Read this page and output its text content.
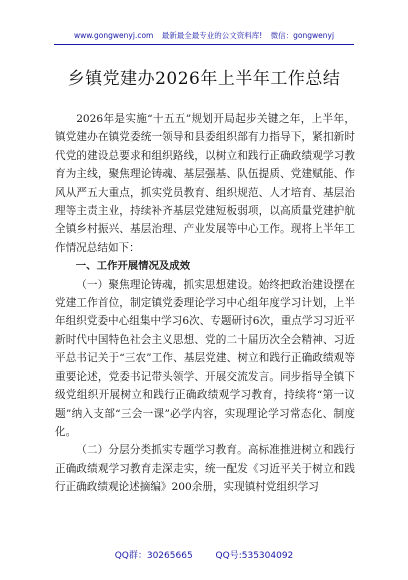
www.gongwenyj.com 最新最全最专业的公文资料库! 微信：gongwenyj
乡镇党建办2026年上半年工作总结

2026年是实施“十五五”规划开局起步关键之年，上半年，镇党建办在镇党委统一领导和县委组织部有力指导下，紧扣新时代党的建设总要求和组织路线，以树立和践行正确政绩观学习教育为主线，聚焦理论铸魂、基层强基、队伍提质、党建赋能、作风从严五大重点，抓实党员教育、组织规范、人才培育、基层治理等主责主业，持续补齐基层党建短板弱项，以高质量党建护航全镇乡村振兴、基层治理、产业发展等中心工作。现将上半年工作情况总结如下：

一、工作开展情况及成效

（一）聚焦理论铸魂，抓实思想建设。始终把政治建设摆在党建工作首位，制定镇党委理论学习中心组年度学习计划，上半年组织党委中心组集中学习6次、专题研讨6次，重点学习习近平新时代中国特色社会主义思想、党的二十届历次全会精神、习近平总书记关于“三农”工作、基层党建、树立和践行正确政绩观等重要论述，党委书记带头领学、开展交流发言。同步指导全镇下级党组织开展树立和践行正确政绩观学习教育，持续将“第一议题”纳入支部“三会一课”必学内容，实现理论学习常态化、制度化。

（二）分层分类抓实专题学习教育。高标准推进树立和践行正确政绩观学习教育走深走实，统一配发《习近平关于树立和践行正确政绩观论述摘编》200余册，实现镇村党组织学习

QQ群：30265665	QQ号:535304092
